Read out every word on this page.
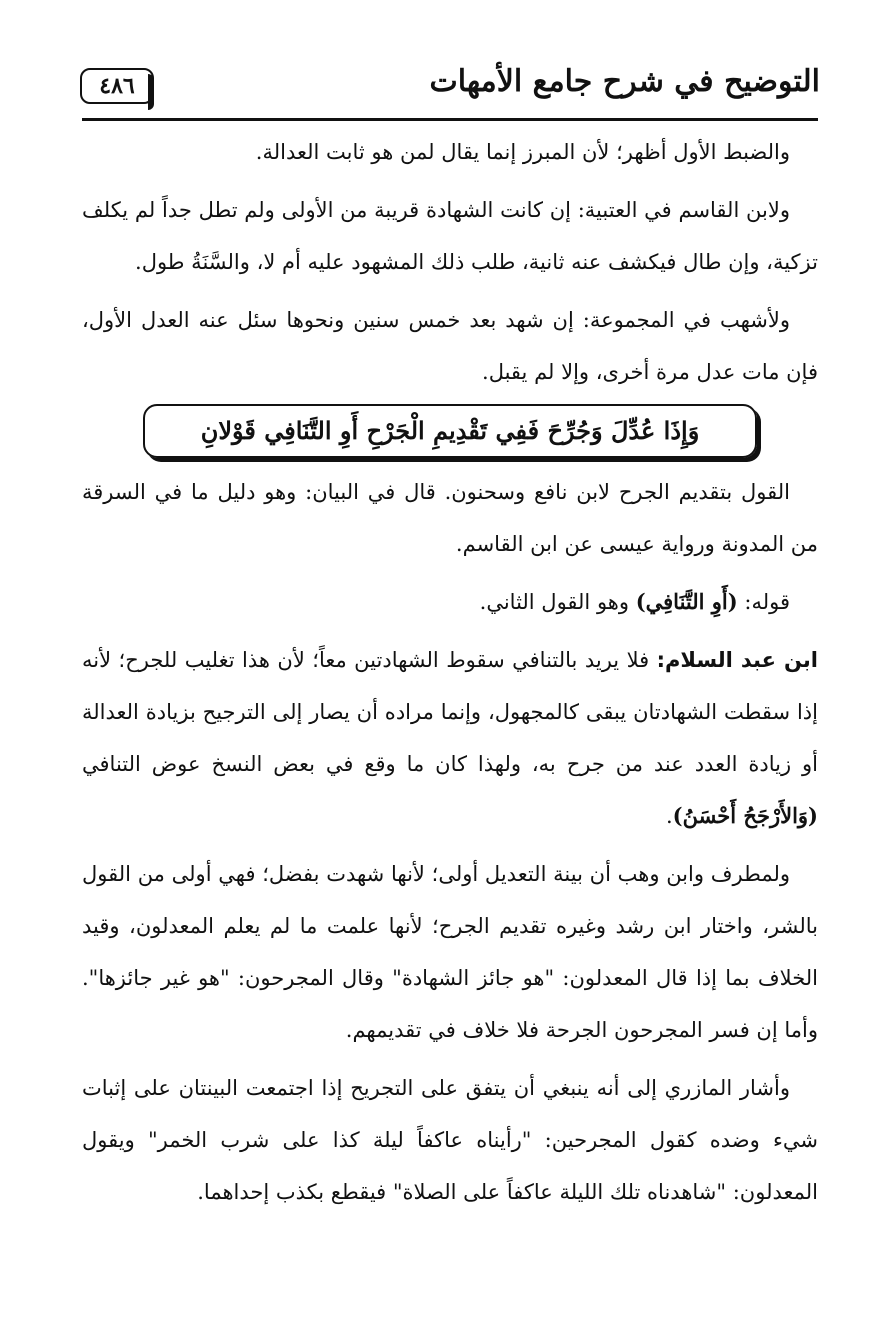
التوضيح في شرح جامع الأمهات
٤٨٦

والضبط الأول أظهر؛ لأن المبرز إنما يقال لمن هو ثابت العدالة.

ولابن القاسم في العتبية: إن كانت الشهادة قريبة من الأولى ولم تطل جداً لم يكلف تزكية، وإن طال فيكشف عنه ثانية، طلب ذلك المشهود عليه أم لا، والسَّنَةُ طول.

ولأشهب في المجموعة: إن شهد بعد خمس سنين ونحوها سئل عنه العدل الأول، فإن مات عدل مرة أخرى، وإلا لم يقبل.

وَإِذَا عُدِّلَ وَجُرِّحَ فَفِي تَقْدِيمِ الْجَرْحِ أَوِ التَّنَافِي قَوْلانِ

القول بتقديم الجرح لابن نافع وسحنون. قال في البيان: وهو دليل ما في السرقة من المدونة ورواية عيسى عن ابن القاسم.

قوله: (أَوِ التَّنَافِي) وهو القول الثاني.

ابن عبد السلام: فلا يريد بالتنافي سقوط الشهادتين معاً؛ لأن هذا تغليب للجرح؛ لأنه إذا سقطت الشهادتان يبقى كالمجهول، وإنما مراده أن يصار إلى الترجيح بزيادة العدالة أو زيادة العدد عند من جرح به، ولهذا كان ما وقع في بعض النسخ عوض التنافي (وَالأَرْجَحُ أَحْسَنُ).

ولمطرف وابن وهب أن بينة التعديل أولى؛ لأنها شهدت بفضل؛ فهي أولى من القول بالشر، واختار ابن رشد وغيره تقديم الجرح؛ لأنها علمت ما لم يعلم المعدلون، وقيد الخلاف بما إذا قال المعدلون: "هو جائز الشهادة" وقال المجرحون: "هو غير جائزها". وأما إن فسر المجرحون الجرحة فلا خلاف في تقديمهم.

وأشار المازري إلى أنه ينبغي أن يتفق على التجريح إذا اجتمعت البينتان على إثبات شيء وضده كقول المجرحين: "رأيناه عاكفاً ليلة كذا على شرب الخمر" ويقول المعدلون: "شاهدناه تلك الليلة عاكفاً على الصلاة" فيقطع بكذب إحداهما.
